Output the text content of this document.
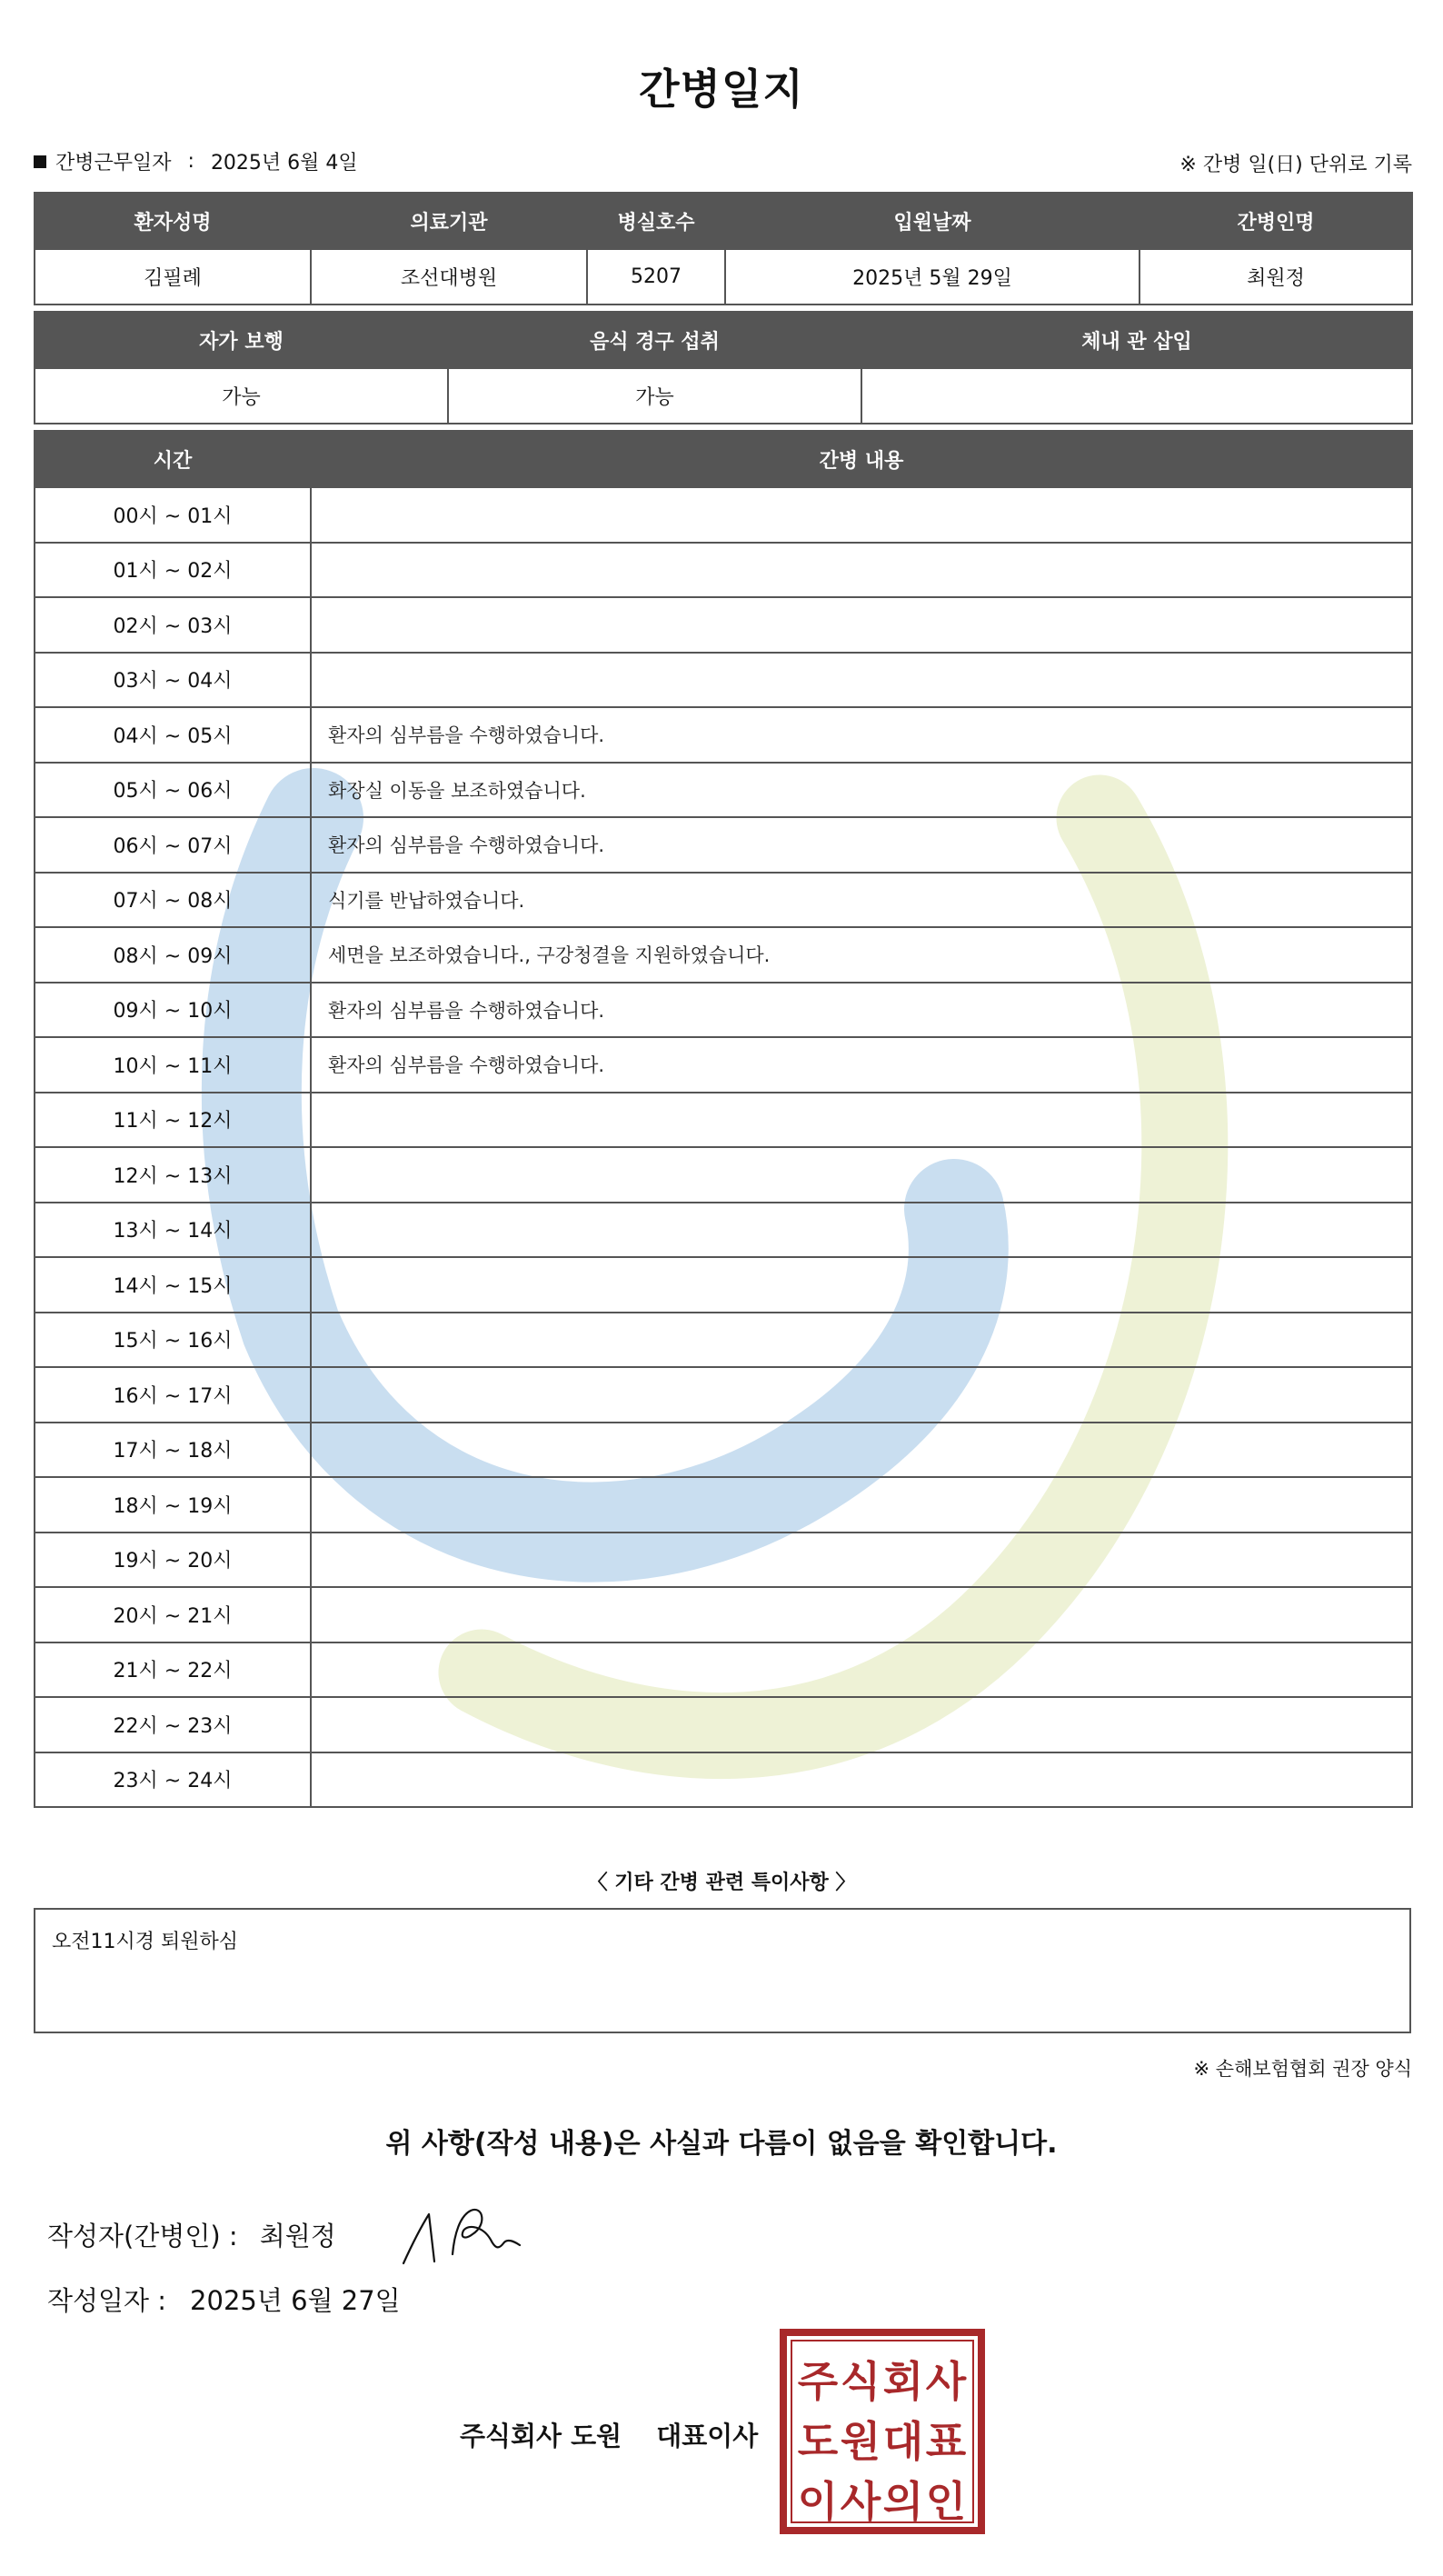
간병일지
간병근무일자 : 2025년 6월 4일	※ 간병 일(日) 단위로 기록
환자성명	의료기관	병실호수	입원날짜	간병인명
김필례	조선대병원	5207	2025년 5월 29일	최원정
자가 보행	음식 경구 섭취	체내 관 삽입
가능	가능	
시간	간병 내용
00시 ~ 01시	
01시 ~ 02시	
02시 ~ 03시	
03시 ~ 04시	
04시 ~ 05시	환자의 심부름을 수행하였습니다.
05시 ~ 06시	화장실 이동을 보조하였습니다.
06시 ~ 07시	환자의 심부름을 수행하였습니다.
07시 ~ 08시	식기를 반납하였습니다.
08시 ~ 09시	세면을 보조하였습니다., 구강청결을 지원하였습니다.
09시 ~ 10시	환자의 심부름을 수행하였습니다.
10시 ~ 11시	환자의 심부름을 수행하였습니다.
11시 ~ 12시	
12시 ~ 13시	
13시 ~ 14시	
14시 ~ 15시	
15시 ~ 16시	
16시 ~ 17시	
17시 ~ 18시	
18시 ~ 19시	
19시 ~ 20시	
20시 ~ 21시	
21시 ~ 22시	
22시 ~ 23시	
23시 ~ 24시	
〈 기타 간병 관련 특이사항 〉
오전11시경 퇴원하심
※ 손해보험협회 권장 양식
위 사항(작성 내용)은 사실과 다름이 없음을 확인합니다.
작성자(간병인) : 최원정
작성일자 : 2025년 6월 27일
주식회사 도원 대표이사
주 식 회 사
도 원 대 표
이 사 의 인
